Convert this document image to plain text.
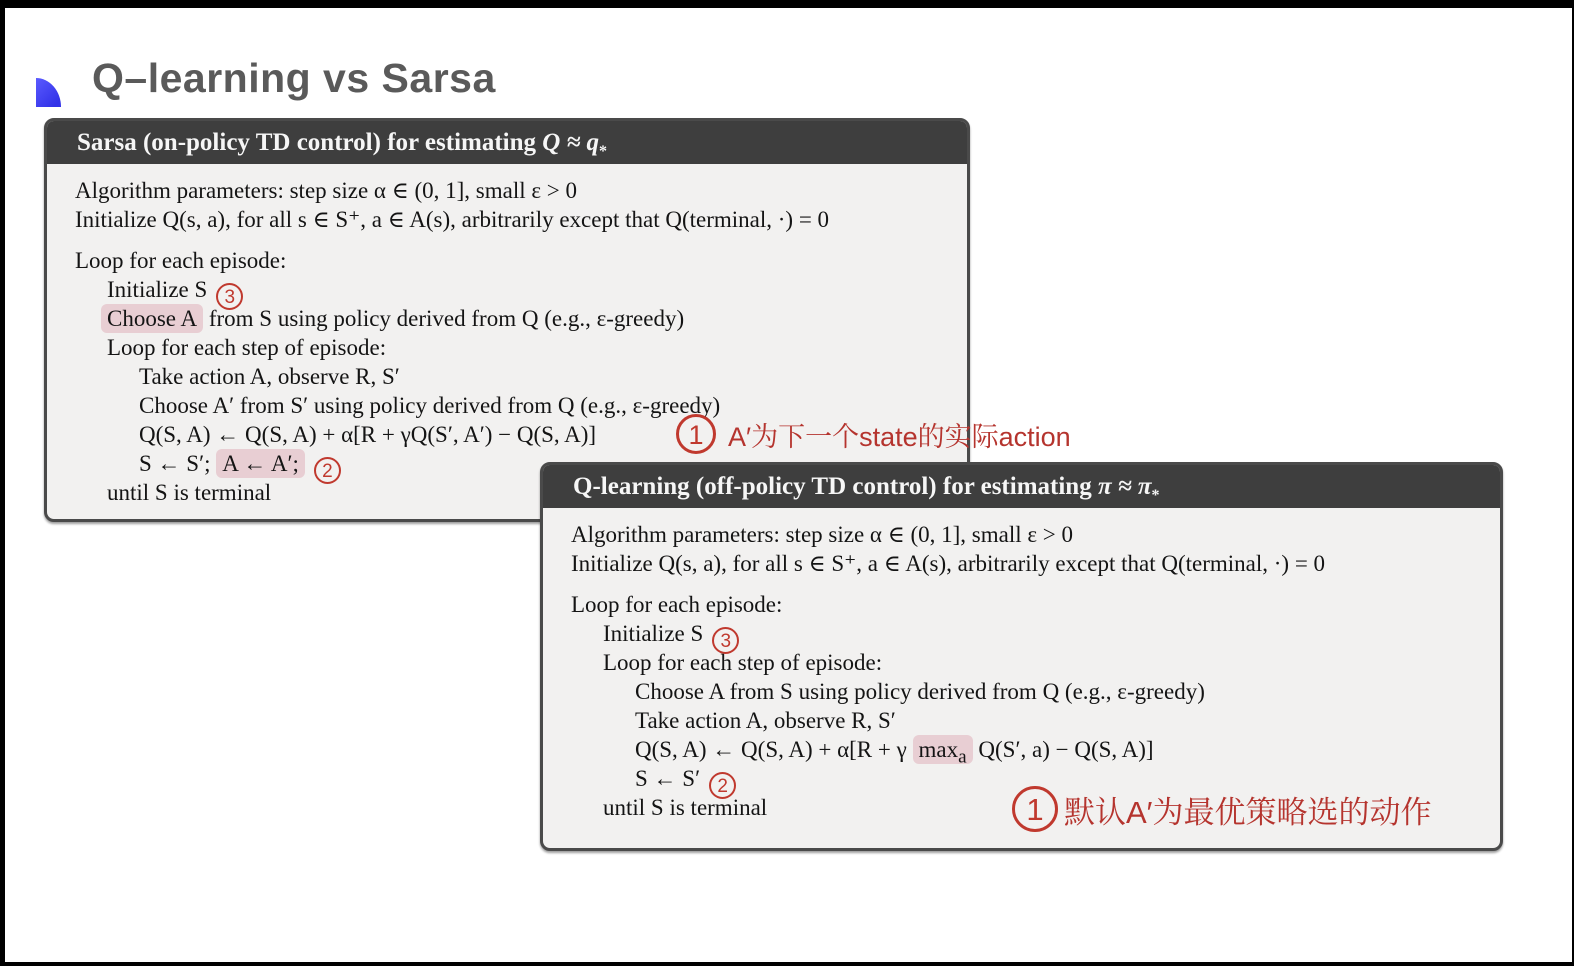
Q–learning vs Sarsa
Sarsa (on-policy TD control) for estimating $Q \approx q_*$
Algorithm parameters: step size α ∈ (0, 1], small ε > 0
Initialize Q(s, a), for all s ∈ S⁺, a ∈ A(s), arbitrarily except that Q(terminal, ·) = 0
Loop for each episode:
Initialize S 3
Choose A from S using policy derived from Q (e.g., ε-greedy)
Loop for each step of episode:
Take action A, observe R, S′
Choose A′ from S′ using policy derived from Q (e.g., ε-greedy)
Q(S, A) ← Q(S, A) + α[R + γQ(S′, A′) − Q(S, A)]
S ← S′; A ← A′; 2
until S is terminal	Q-learning (off-policy TD control) for estimating $\pi \approx \pi_*$
Algorithm parameters: step size α ∈ (0, 1], small ε > 0
Initialize Q(s, a), for all s ∈ S⁺, a ∈ A(s), arbitrarily except that Q(terminal, ·) = 0
Loop for each episode:
Initialize S 3
Loop for each step of episode:
Choose A from S using policy derived from Q (e.g., ε-greedy)
Take action A, observe R, S′
Q(S, A) ← Q(S, A) + α[R + γ $\max_a Q(S'$, a) − Q(S, A)]
S ← S′ 2
until S is terminal
1 A′为下一个state的实际action
1 默认A′为最优策略选的动作
